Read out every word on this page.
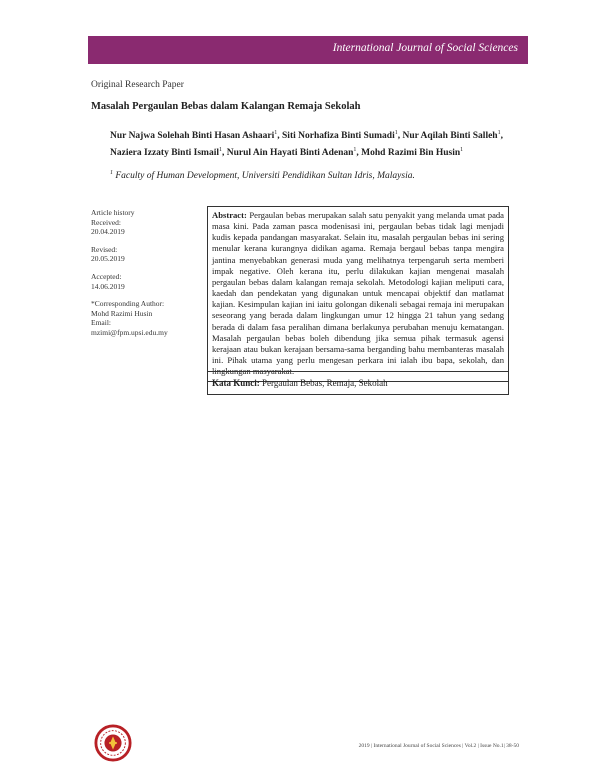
International Journal of Social Sciences
Original Research Paper
Masalah Pergaulan Bebas dalam Kalangan Remaja Sekolah
Nur Najwa Solehah Binti Hasan Ashaari$^1$, Siti Norhafiza Binti Sumadi$^1$, Nur Aqilah Binti Salleh$^1$, Naziera Izzaty Binti Ismail$^1$, Nurul Ain Hayati Binti Adenan$^1$, Mohd Razimi Bin Husin$^1$
$^1$ Faculty of Human Development, Universiti Pendidikan Sultan Idris, Malaysia.
Article history
Received:
20.04.2019
Revised:
20.05.2019
Accepted:
14.06.2019
*Corresponding Author:
Mohd Razimi Husin
Email:
mzimi@fpm.upsi.edu.my
Abstract: Pergaulan bebas merupakan salah satu penyakit yang melanda umat pada masa kini. Pada zaman pasca modenisasi ini, pergaulan bebas tidak lagi menjadi kudis kepada pandangan masyarakat. Selain itu, masalah pergaulan bebas ini sering menular kerana kurangnya didikan agama. Remaja bergaul bebas tanpa mengira jantina menyebabkan generasi muda yang melihatnya terpengaruh serta memberi impak negative. Oleh kerana itu, perlu dilakukan kajian mengenai masalah pergaulan bebas dalam kalangan remaja sekolah. Metodologi kajian meliputi cara, kaedah dan pendekatan yang digunakan untuk mencapai objektif dan matlamat kajian. Kesimpulan kajian ini iaitu golongan dikenali sebagai remaja ini merupakan seseorang yang berada dalam lingkungan umur 12 hingga 21 tahun yang sedang berada di dalam fasa peralihan dimana berlakunya perubahan menuju kematangan. Masalah pergaulan bebas boleh dibendung jika semua pihak termasuk agensi kerajaan atau bukan kerajaan bersama-sama berganding bahu membanteras masalah ini. Pihak utama yang perlu mengesan perkara ini ialah ibu bapa, sekolah, dan lingkungan masyarakat.
Kata Kunci: Pergaulan Bebas, Remaja, Sekolah
2019 | International Journal of Social Sciences | Vol.2 | Issue No.1| 38-50
